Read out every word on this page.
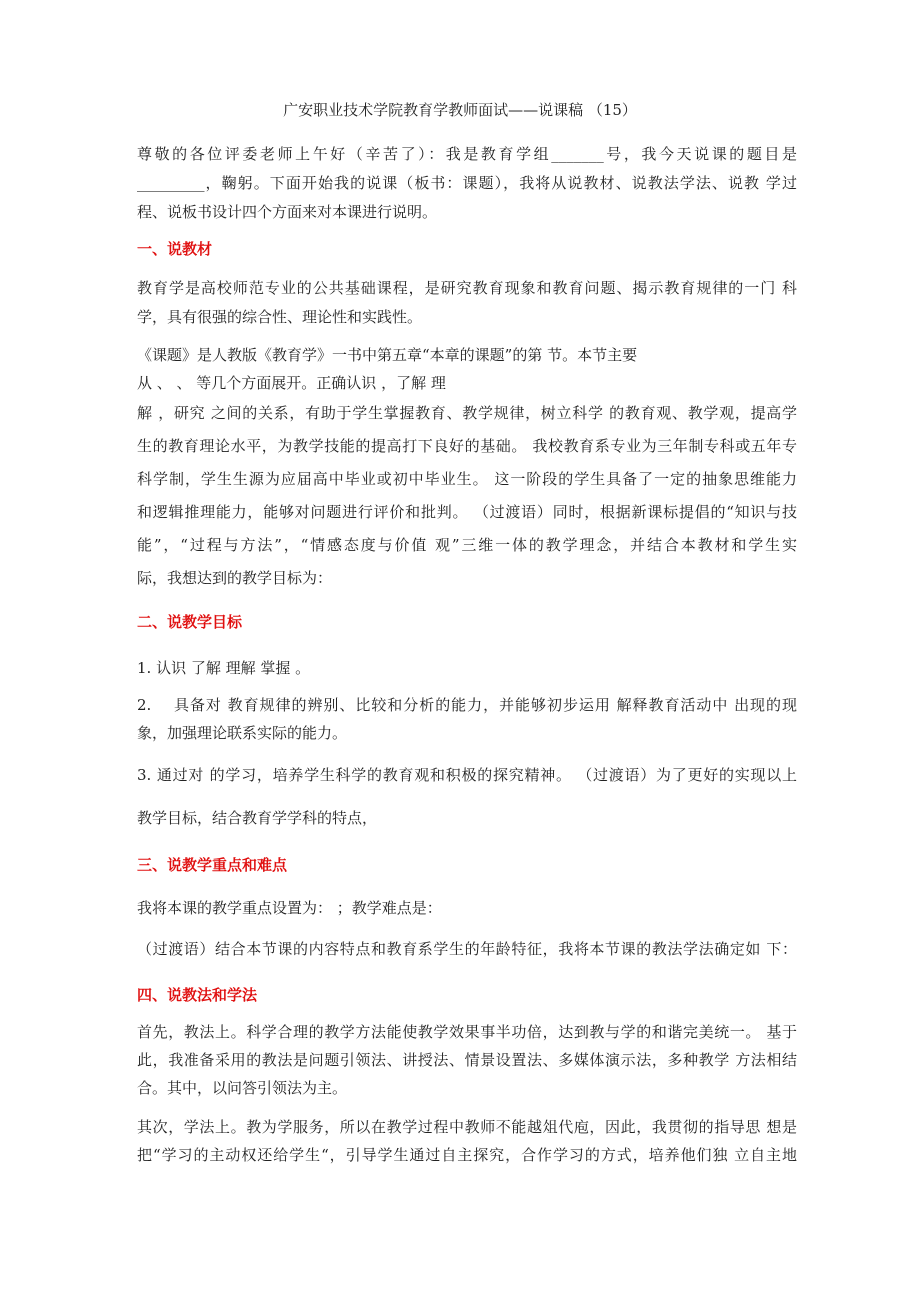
广安职业技术学院教育学教师面试——说课稿 （15）
尊敬的各位评委老师上午好（辛苦了）：我是教育学组_______号，我今天说课的题目是
_________，鞠躬。下面开始我的说课（板书：课题），我将从说教材、说教法学法、说教 学过
程、说板书设计四个方面来对本课进行说明。
一、说教材
教育学是高校师范专业的公共基础课程，是研究教育现象和教育问题、揭示教育规律的一门 科
学，具有很强的综合性、理论性和实践性。
《课题》是人教版《教育学》一书中第五章“本章的课题”的第 节。本节主要
从 、 、 等几个方面展开。正确认识 ，了解 理
解 ，研究 之间的关系，有助于学生掌握教育、教学规律，树立科学 的教育观、教学观，提高学
生的教育理论水平，为教学技能的提高打下良好的基础。 我校教育系专业为三年制专科或五年专
科学制，学生生源为应届高中毕业或初中毕业生。 这一阶段的学生具备了一定的抽象思维能力
和逻辑推理能力，能够对问题进行评价和批判。 （过渡语）同时，根据新课标提倡的“知识与技
能”，“过程与方法”，“情感态度与价值 观”三维一体的教学理念，并结合本教材和学生实
际，我想达到的教学目标为：
二、说教学目标
1. 认识 了解 理解 掌握 。
2.　 具备对 教育规律的辨别、比较和分析的能力，并能够初步运用 解释教育活动中 出现的现
象，加强理论联系实际的能力。
3. 通过对 的学习，培养学生科学的教育观和积极的探究精神。 （过渡语）为了更好的实现以上
教学目标，结合教育学学科的特点，
三、说教学重点和难点
我将本课的教学重点设置为： ；教学难点是：
（过渡语）结合本节课的内容特点和教育系学生的年龄特征，我将本节课的教法学法确定如 下：
四、说教法和学法
首先，教法上。科学合理的教学方法能使教学效果事半功倍，达到教与学的和谐完美统一。 基于
此，我准备采用的教法是问题引领法、讲授法、情景设置法、多媒体演示法，多种教学 方法相结
合。其中，以问答引领法为主。
其次，学法上。教为学服务，所以在教学过程中教师不能越俎代庖，因此，我贯彻的指导思 想是
把“学习的主动权还给学生“，引导学生通过自主探究，合作学习的方式，培养他们独 立自主地
